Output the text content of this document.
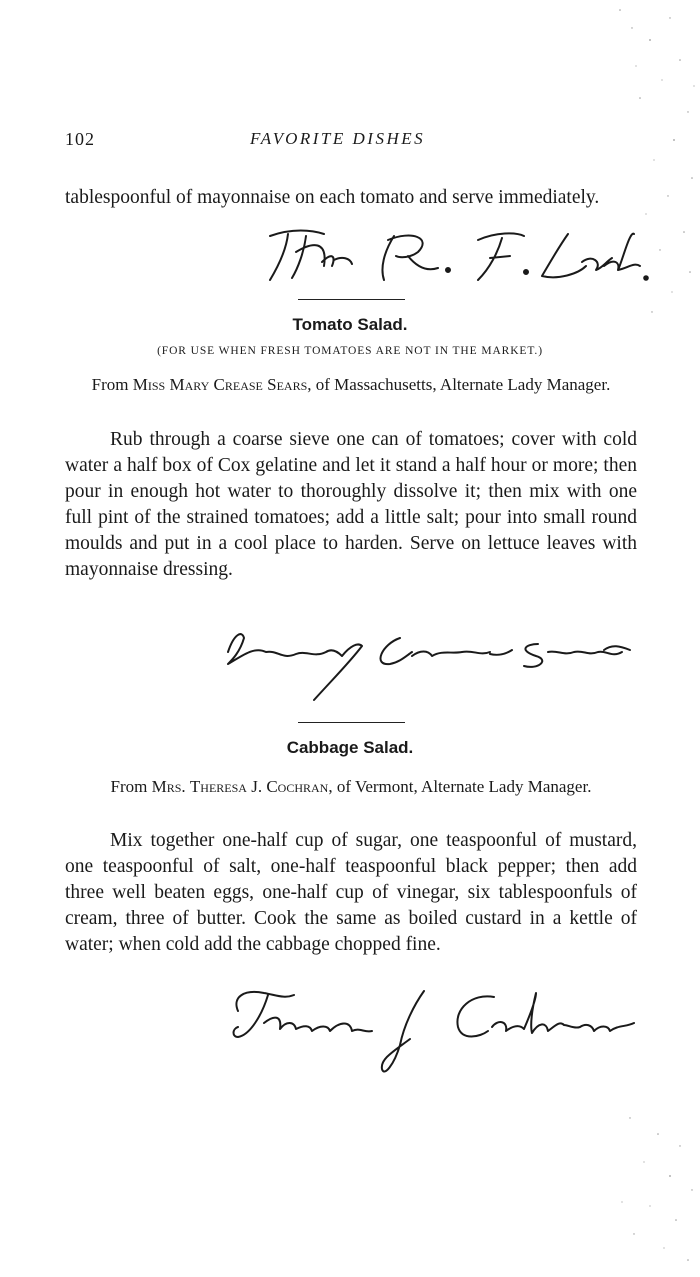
102	FAVORITE DISHES

tablespoonful of mayonnaise on each tomato and serve immediately.

Tomato Salad.
(FOR USE WHEN FRESH TOMATOES ARE NOT IN THE MARKET.)
From Miss Mary Crease Sears, of Massachusetts, Alternate Lady Manager.

Rub through a coarse sieve one can of tomatoes; cover with cold water a half box of Cox gelatine and let it stand a half hour or more; then pour in enough hot water to thoroughly dissolve it; then mix with one full pint of the strained tomatoes; add a little salt; pour into small round moulds and put in a cool place to harden. Serve on lettuce leaves with mayonnaise dressing.

Cabbage Salad.
From Mrs. Theresa J. Cochran, of Vermont, Alternate Lady Manager.

Mix together one-half cup of sugar, one teaspoonful of mustard, one teaspoonful of salt, one-half teaspoonful black pepper; then add three well beaten eggs, one-half cup of vinegar, six tablespoonfuls of cream, three of butter. Cook the same as boiled custard in a kettle of water; when cold add the cabbage chopped fine.
